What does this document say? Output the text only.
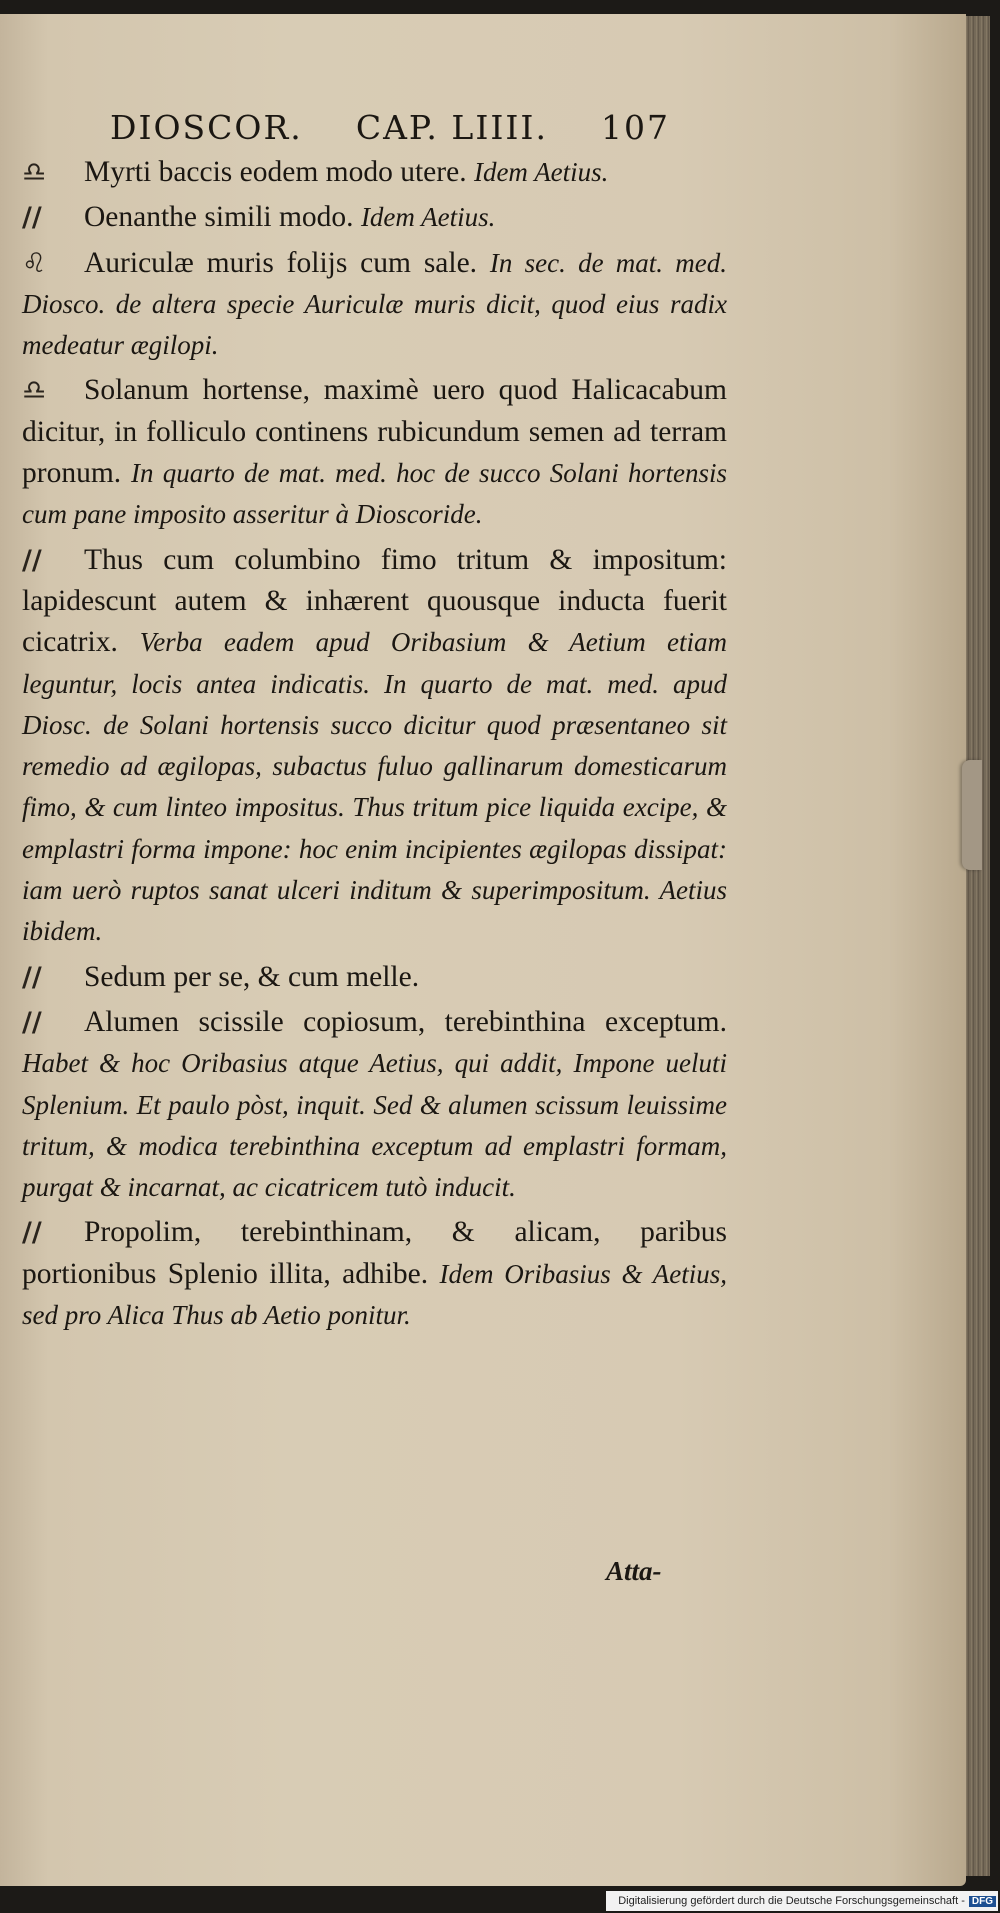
DIOSCOR. CAP. LIIII. 107

♎ Myrti baccis eodem modo utere. Idem Aetius.

// Oenanthe simili modo. Idem Aetius.

♌ Auriculæ muris folijs cum sale. In sec. de mat. med. Diosco. de altera specie Auriculæ muris dicit, quod eius radix medeatur ægilopi.

♎ Solanum hortense, maximè uero quod Halicacabum dicitur, in folliculo continens rubicundum semen ad terram pronum. In quarto de mat. med. hoc de succo Solani hortensis cum pane imposito asseritur à Dioscoride.

// Thus cum columbino fimo tritum & impositum: lapidescunt autem & inhærent quousque inducta fuerit cicatrix. Verba eadem apud Oribasium & Aetium etiam leguntur, locis antea indicatis. In quarto de mat. med. apud Diosc. de Solani hortensis succo dicitur quod præsentaneo sit remedio ad ægilopas, subactus fuluo gallinarum domesticarum fimo, & cum linteo impositus. Thus tritum pice liquida excipe, & emplastri forma impone: hoc enim incipientes ægilopas dissipat: iam uerò ruptos sanat ulceri inditum & superimpositum. Aetius ibidem.

// Sedum per se, & cum melle.

// Alumen scissile copiosum, terebinthina exceptum. Habet & hoc Oribasius atque Aetius, qui addit, Impone ueluti Splenium. Et paulo pòst, inquit. Sed & alumen scissum leuissime tritum, & modica terebinthina exceptum ad emplastri formam, purgat & incarnat, ac cicatricem tutò inducit.

// Propolim, terebinthinam, & alicam, paribus portionibus Splenio illita, adhibe. Idem Oribasius & Aetius, sed pro Alica Thus ab Aetio ponitur.

Atta-
Digitalisierung gefördert durch die Deutsche Forschungsgemeinschaft - DFG
